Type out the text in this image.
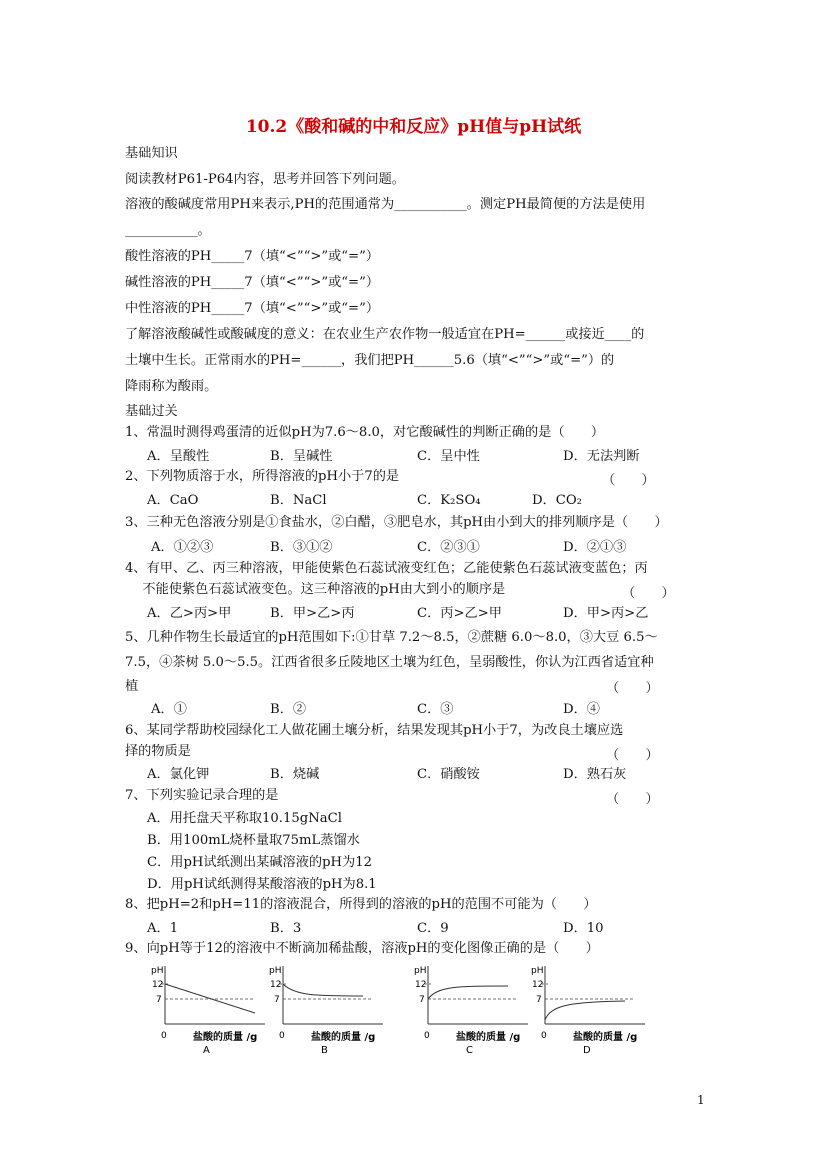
10.2《酸和碱的中和反应》pH值与pH试纸
基础知识
阅读教材P61-P64内容，思考并回答下列问题。
溶液的酸碱度常用PH来表示,PH的范围通常为___________。测定PH最简便的方法是使用
___________。
酸性溶液的PH_____7（填“<”“>”或“=”）
碱性溶液的PH_____7（填“<”“>”或“=”）
中性溶液的PH_____7（填“<”“>”或“=”）
了解溶液酸碱性或酸碱度的意义：在农业生产农作物一般适宜在PH=______或接近____的
土壤中生长。正常雨水的PH=______，我们把PH______5.6（填“<”“>”或“=”）的
降雨称为酸雨。
基础过关
1、常温时测得鸡蛋清的近似pH为7.6～8.0，对它酸碱性的判断正确的是（　　）
A．呈酸性	B．呈碱性	C．呈中性	D．无法判断
2、下列物质溶于水，所得溶液的pH小于7的是	（　　）
A．CaO	B．NaCl	C．K₂SO₄	D．CO₂
3、三种无色溶液分别是①食盐水，②白醋，③肥皂水，其pH由小到大的排列顺序是（　　）
A．①②③	B．③①②	C．②③①	D．②①③
4、有甲、乙、丙三种溶液，甲能使紫色石蕊试液变红色；乙能使紫色石蕊试液变蓝色；丙
　 不能使紫色石蕊试液变色。这三种溶液的pH由大到小的顺序是	（　　）
A．乙>丙>甲	B．甲>乙>丙	C．丙>乙>甲	D．甲>丙>乙
5、几种作物生长最适宜的pH范围如下:①甘草 7.2～8.5，②蔗糖 6.0～8.0，③大豆 6.5～
7.5，④茶树 5.0～5.5。江西省很多丘陵地区土壤为红色，呈弱酸性，你认为江西省适宜种
植	（　　）
A．①	B．②	C．③	D．④
6、某同学帮助校园绿化工人做花圃土壤分析，结果发现其pH小于7，为改良土壤应选
择的物质是	（　　）
A．氯化钾	B．烧碱	C．硝酸铵	D．熟石灰
7、下列实验记录合理的是	（　　）
A．用托盘天平称取10.15gNaCl
B．用100mL烧杯量取75mL蒸馏水
C．用pH试纸测出某碱溶液的pH为12
D．用pH试纸测得某酸溶液的pH为8.1
8、把pH=2和pH=11的溶液混合，所得到的溶液的pH的范围不可能为（　　）
A．1	B．3	C．9	D．10
9、向pH等于12的溶液中不断滴加稀盐酸，溶液pH的变化图像正确的是（　　）
pH
12
7
0	盐酸的质量 /g
A
pH
12
7
0	盐酸的质量 /g
B
pH
12
7
0	盐酸的质量 /g
C
pH
12
7
0	盐酸的质量 /g
D
1
